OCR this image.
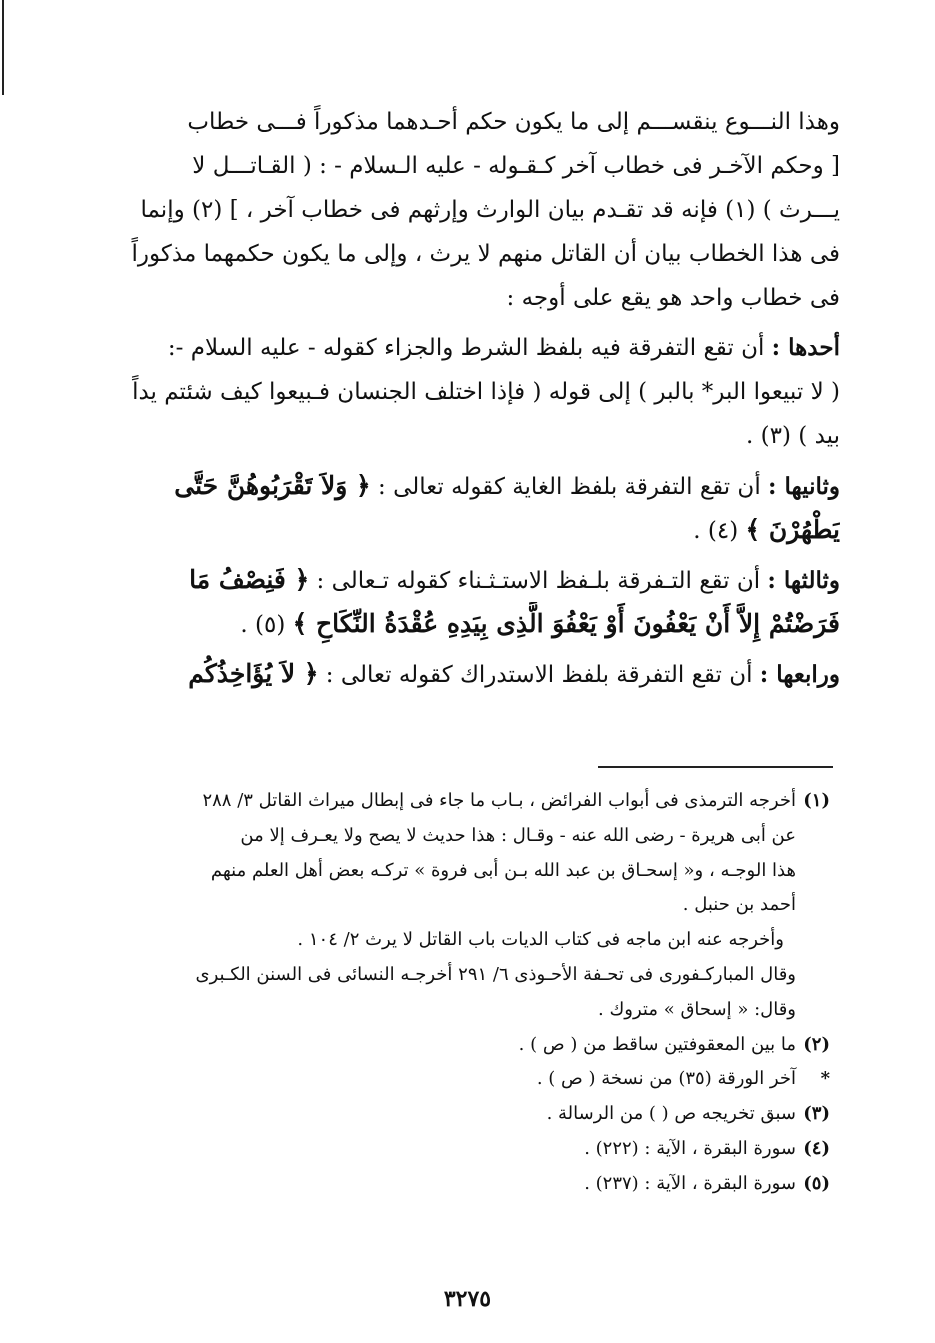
وهذا النـــوع ينقســـم إلى ما يكون حكم أحـدهما مذكوراً فـــى خطاب
[ وحكم الآخـر فى خطاب آخر كـقـوله - عليه الـسلام - : ( القـاتـــل لا
يـــرث ) (١) فإنه قد تقـدم بيان الوارث وإرثهم فى خطاب آخر ، ] (٢) وإنما
فى هذا الخطاب بيان أن القاتل منهم لا يرث ، وإلى ما يكون حكمهما مذكوراً
فى خطاب واحد هو يقع على أوجه :
أحدها : أن تقع التفرقة فيه بلفظ الشرط والجزاء كقوله - عليه السلام -:
( لا تبيعوا البر* بالبر ) إلى قوله ( فإذا اختلف الجنسان فـبيعوا كيف شئتم يداً
بيد ) (٣) .
وثانيها : أن تقع التفرقة بلفظ الغاية كقوله تعالى : ﴿ وَلاَ تَقْرَبُوهُنَّ حَتَّى
يَطْهُرْنَ ﴾ (٤) .
وثالثها : أن تقع التـفرقة بلـفظ الاستـثـناء كقوله تـعالى : ﴿ فَنِصْفُ مَا
فَرَضْتُمْ إِلاَّ أَنْ يَعْفُونَ أَوْ يَعْفُوَ الَّذِى بِيَدِهِ عُقْدَةُ النِّكَاحِ ﴾ (٥) .
ورابعها : أن تقع التفرقة بلفظ الاستدراك كقوله تعالى : ﴿ لاَ يُؤَاخِذُكُم
(١)أخرجه الترمذى فى أبواب الفرائض ، بـاب ما جاء فى إبطال ميراث القاتل ٣/ ٢٨٨
عن أبى هريرة - رضى الله عنه - وقـال : هذا حديث لا يصح ولا يعـرف إلا من
هذا الوجـه ، و« إسحـاق بن عبد الله بـن أبى فروة » تركـه بعض أهل العلم منهم
أحمد بن حنبل .
وأخرجه عنه ابن ماجه فى كتاب الديات باب القاتل لا يرث ٢/ ١٠٤ .
وقال المباركـفورى فى تحـفة الأحـوذى ٦/ ٢٩١ أخرجـه النسائى فى السنن الكـبرى
وقال: « إسحاق » متروك .
(٢)ما بين المعقوفتين ساقط من ( ص ) .
*آخر الورقة (٣٥) من نسخة ( ص ) .
(٣)سبق تخريجه ص ( ) من الرسالة .
(٤)سورة البقرة ، الآية : (٢٢٢) .
(٥)سورة البقرة ، الآية : (٢٣٧) .
٣٢٧٥
